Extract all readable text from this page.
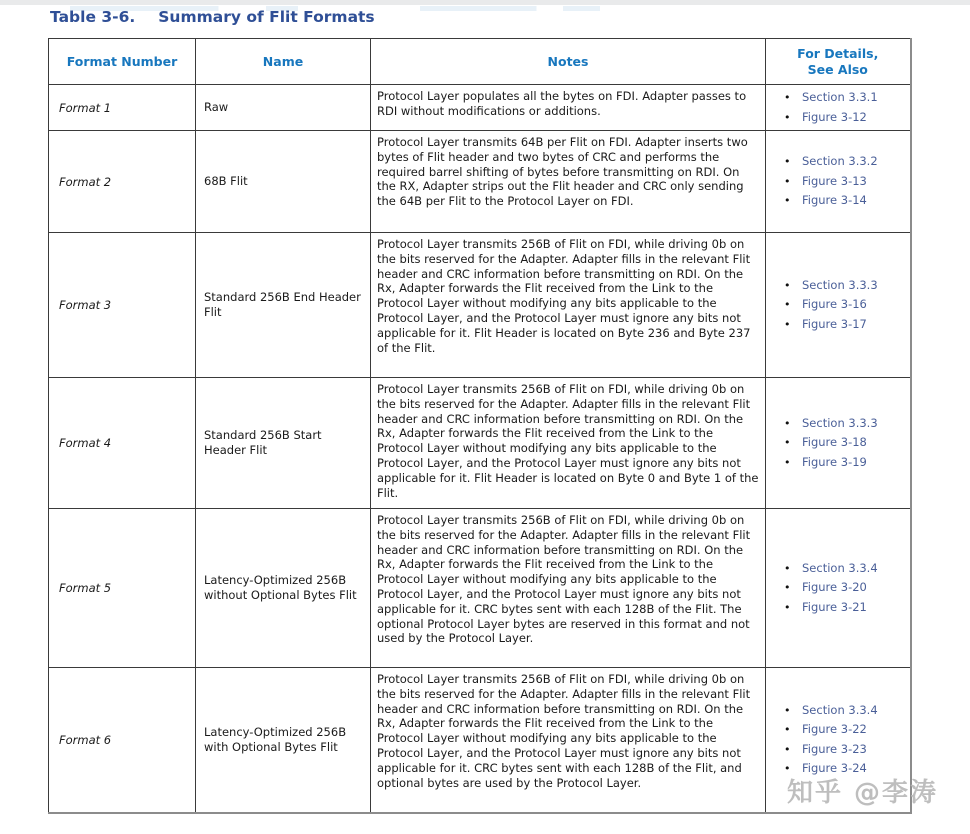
Table 3-6. Summary of Flit Formats
Format Number	Name	Notes	For Details,
See Also
Format 1	Raw	Protocol Layer populates all the bytes on FDI. Adapter passes to RDI without modifications or additions.	
•	Section 3.3.1
•	Figure 3-12

Format 2	68B Flit	Protocol Layer transmits 64B per Flit on FDI. Adapter inserts two bytes of Flit header and two bytes of CRC and performs the required barrel shifting of bytes before transmitting on RDI. On the RX, Adapter strips out the Flit header and CRC only sending the 64B per Flit to the Protocol Layer on FDI.	
•	Section 3.3.2
•	Figure 3-13
•	Figure 3-14

Format 3	Standard 256B End Header Flit	Protocol Layer transmits 256B of Flit on FDI, while driving 0b on the bits reserved for the Adapter. Adapter fills in the relevant Flit header and CRC information before transmitting on RDI. On the Rx, Adapter forwards the Flit received from the Link to the Protocol Layer without modifying any bits applicable to the Protocol Layer, and the Protocol Layer must ignore any bits not applicable for it. Flit Header is located on Byte 236 and Byte 237 of the Flit.	
•	Section 3.3.3
•	Figure 3-16
•	Figure 3-17

Format 4	Standard 256B Start Header Flit	Protocol Layer transmits 256B of Flit on FDI, while driving 0b on the bits reserved for the Adapter. Adapter fills in the relevant Flit header and CRC information before transmitting on RDI. On the Rx, Adapter forwards the Flit received from the Link to the Protocol Layer without modifying any bits applicable to the Protocol Layer, and the Protocol Layer must ignore any bits not applicable for it. Flit Header is located on Byte 0 and Byte 1 of the Flit.	
•	Section 3.3.3
•	Figure 3-18
•	Figure 3-19

Format 5	Latency-Optimized 256B without Optional Bytes Flit	Protocol Layer transmits 256B of Flit on FDI, while driving 0b on the bits reserved for the Adapter. Adapter fills in the relevant Flit header and CRC information before transmitting on RDI. On the Rx, Adapter forwards the Flit received from the Link to the Protocol Layer without modifying any bits applicable to the Protocol Layer, and the Protocol Layer must ignore any bits not applicable for it. CRC bytes sent with each 128B of the Flit. The optional Protocol Layer bytes are reserved in this format and not used by the Protocol Layer.	
•	Section 3.3.4
•	Figure 3-20
•	Figure 3-21

Format 6	Latency-Optimized 256B with Optional Bytes Flit	Protocol Layer transmits 256B of Flit on FDI, while driving 0b on the bits reserved for the Adapter. Adapter fills in the relevant Flit header and CRC information before transmitting on RDI. On the Rx, Adapter forwards the Flit received from the Link to the Protocol Layer without modifying any bits applicable to the Protocol Layer, and the Protocol Layer must ignore any bits not applicable for it. CRC bytes sent with each 128B of the Flit, and optional bytes are used by the Protocol Layer.	
•	Section 3.3.4
•	Figure 3-22
•	Figure 3-23
•	Figure 3-24
知乎 @李涛
